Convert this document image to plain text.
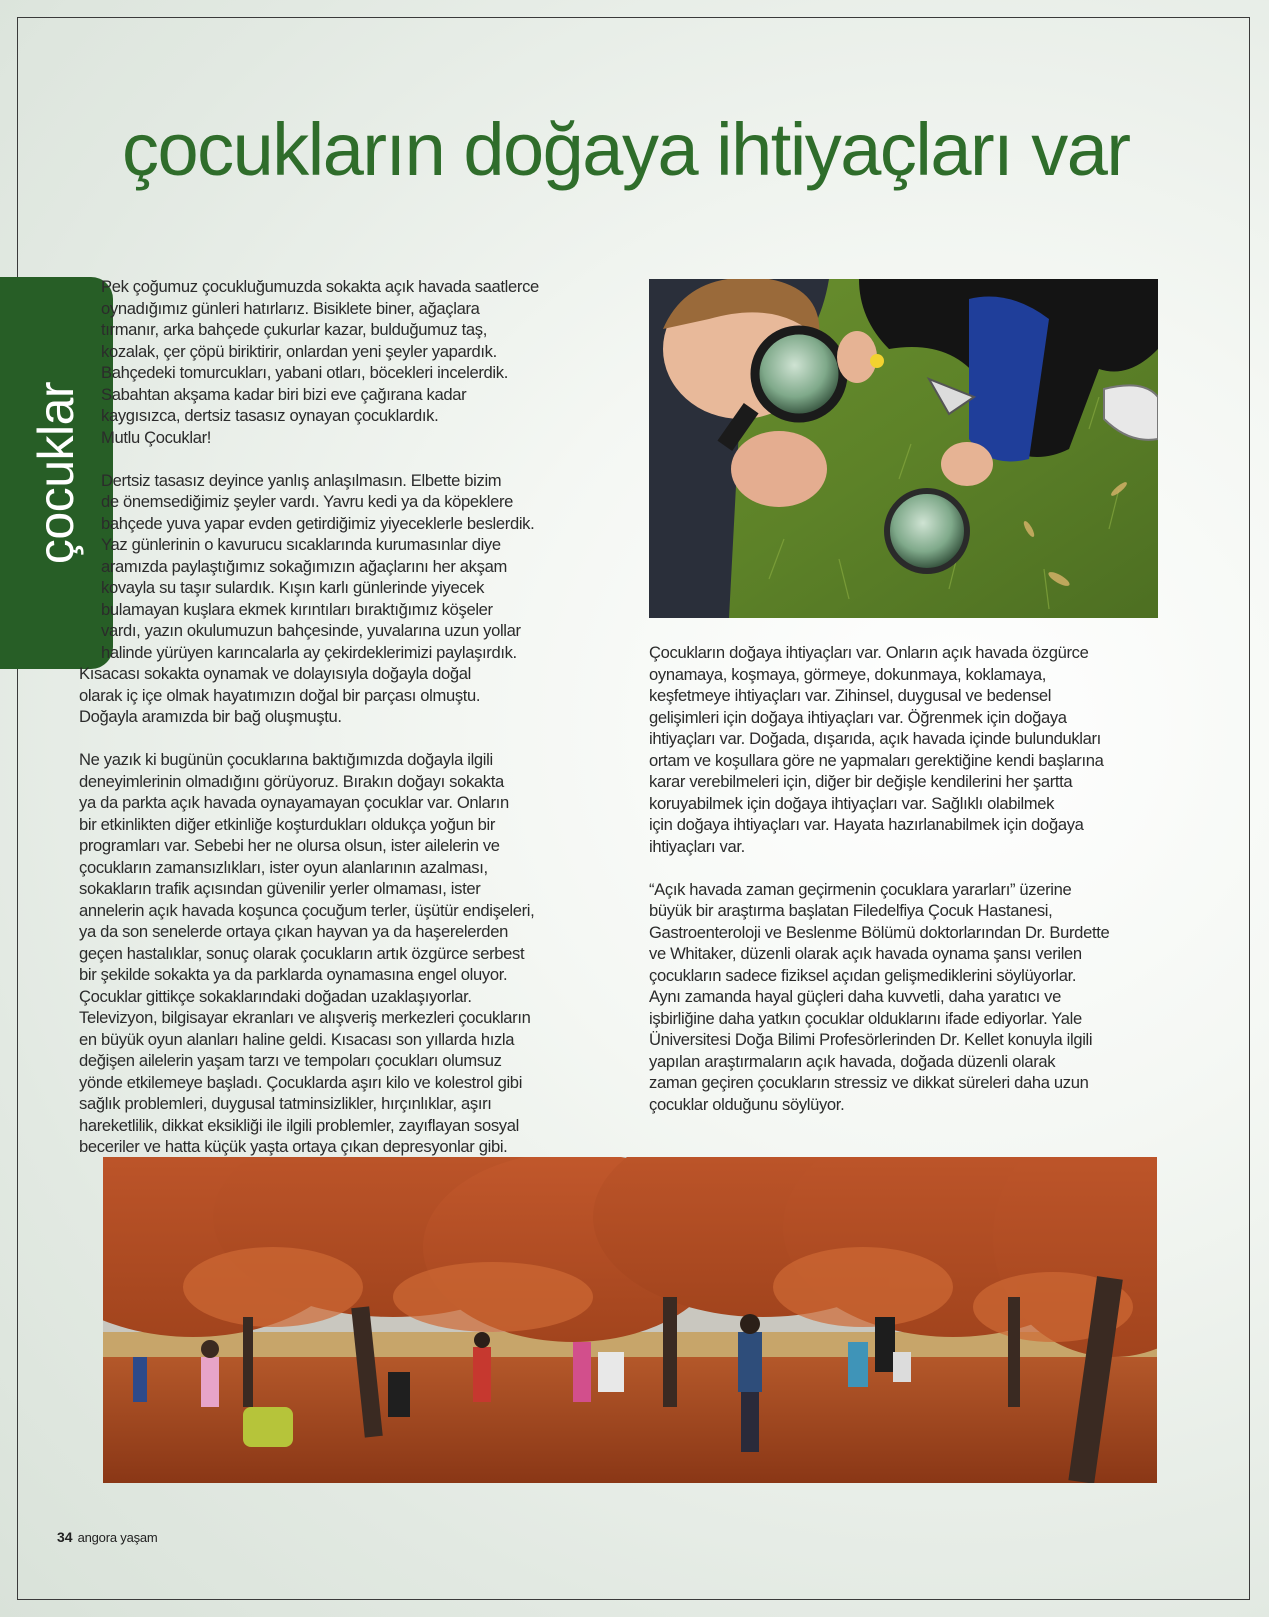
çocukların doğaya ihtiyaçları var
çocuklar

Pek çoğumuz çocukluğumuzda sokakta açık havada saatlerce
oynadığımız günleri hatırlarız. Bisiklete biner, ağaçlara
tırmanır, arka bahçede çukurlar kazar, bulduğumuz taş,
kozalak, çer çöpü biriktirir, onlardan yeni şeyler yapardık.
Bahçedeki tomurcukları, yabani otları, böcekleri incelerdik.
Sabahtan akşama kadar biri bizi eve çağırana kadar
kaygısızca, dertsiz tasasız oynayan çocuklardık.
Mutlu Çocuklar!

Dertsiz tasasız deyince yanlış anlaşılmasın. Elbette bizim
de önemsediğimiz şeyler vardı. Yavru kedi ya da köpeklere
bahçede yuva yapar evden getirdiğimiz yiyeceklerle beslerdik.
Yaz günlerinin o kavurucu sıcaklarında kurumasınlar diye
aramızda paylaştığımız sokağımızın ağaçlarını her akşam
kovayla su taşır sulardık. Kışın karlı günlerinde yiyecek
bulamayan kuşlara ekmek kırıntıları bıraktığımız köşeler
vardı, yazın okulumuzun bahçesinde, yuvalarına uzun yollar
halinde yürüyen karıncalarla ay çekirdeklerimizi paylaşırdık.

Kısacası sokakta oynamak ve dolayısıyla doğayla doğal
olarak iç içe olmak hayatımızın doğal bir parçası olmuştu.
Doğayla aramızda bir bağ oluşmuştu.

Ne yazık ki bugünün çocuklarına baktığımızda doğayla ilgili
deneyimlerinin olmadığını görüyoruz. Bırakın doğayı sokakta
ya da parkta açık havada oynayamayan çocuklar var. Onların
bir etkinlikten diğer etkinliğe koşturdukları oldukça yoğun bir
programları var. Sebebi her ne olursa olsun, ister ailelerin ve
çocukların zamansızlıkları, ister oyun alanlarının azalması,
sokakların trafik açısından güvenilir yerler olmaması, ister
annelerin açık havada koşunca çocuğum terler, üşütür endişeleri,
ya da son senelerde ortaya çıkan hayvan ya da haşerelerden
geçen hastalıklar, sonuç olarak çocukların artık özgürce serbest
bir şekilde sokakta ya da parklarda oynamasına engel oluyor.
Çocuklar gittikçe sokaklarındaki doğadan uzaklaşıyorlar.
Televizyon, bilgisayar ekranları ve alışveriş merkezleri çocukların
en büyük oyun alanları haline geldi. Kısacası son yıllarda hızla
değişen ailelerin yaşam tarzı ve tempoları çocukları olumsuz
yönde etkilemeye başladı. Çocuklarda aşırı kilo ve kolestrol gibi
sağlık problemleri, duygusal tatminsizlikler, hırçınlıklar, aşırı
hareketlilik, dikkat eksikliği ile ilgili problemler, zayıflayan sosyal
beceriler ve hatta küçük yaşta ortaya çıkan depresyonlar gibi.

Çocukların doğaya ihtiyaçları var. Onların açık havada özgürce
oynamaya, koşmaya, görmeye, dokunmaya, koklamaya,
keşfetmeye ihtiyaçları var. Zihinsel, duygusal ve bedensel
gelişimleri için doğaya ihtiyaçları var. Öğrenmek için doğaya
ihtiyaçları var. Doğada, dışarıda, açık havada içinde bulundukları
ortam ve koşullara göre ne yapmaları gerektiğine kendi başlarına
karar verebilmeleri için, diğer bir değişle kendilerini her şartta
koruyabilmek için doğaya ihtiyaçları var. Sağlıklı olabilmek
için doğaya ihtiyaçları var. Hayata hazırlanabilmek için doğaya
ihtiyaçları var.

“Açık havada zaman geçirmenin çocuklara yararları” üzerine
büyük bir araştırma başlatan Filedelfiya Çocuk Hastanesi,
Gastroenteroloji ve Beslenme Bölümü doktorlarından Dr. Burdette
ve Whitaker, düzenli olarak açık havada oynama şansı verilen
çocukların sadece fiziksel açıdan gelişmediklerini söylüyorlar.
Aynı zamanda hayal güçleri daha kuvvetli, daha yaratıcı ve
işbirliğine daha yatkın çocuklar olduklarını ifade ediyorlar. Yale
Üniversitesi Doğa Bilimi Profesörlerinden Dr. Kellet konuyla ilgili
yapılan araştırmaların açık havada, doğada düzenli olarak
zaman geçiren çocukların stressiz ve dikkat süreleri daha uzun
çocuklar olduğunu söylüyor.

34 angora yaşam
